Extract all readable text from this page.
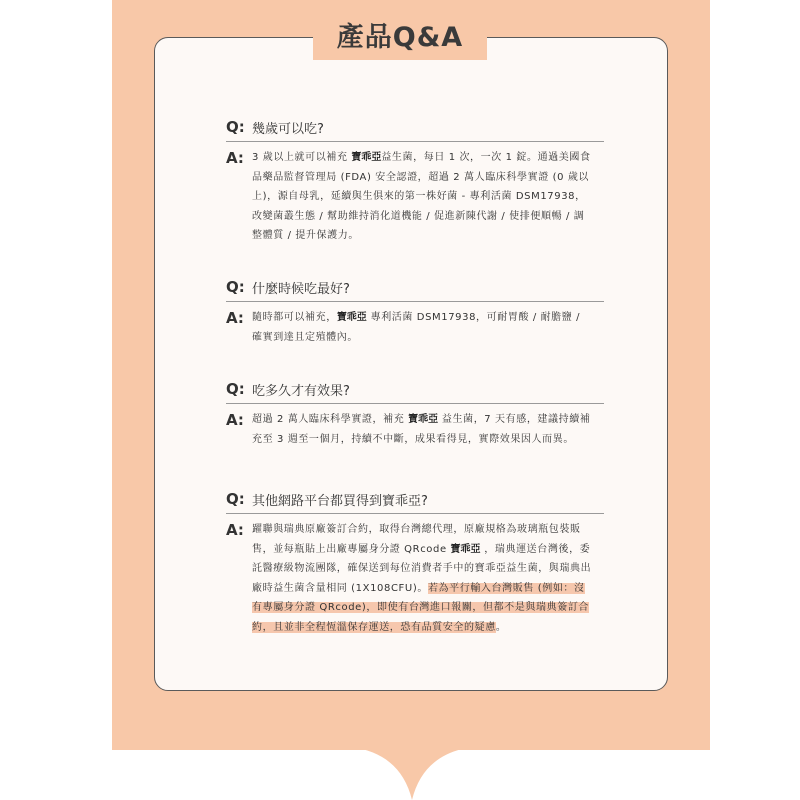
產品Q&A
Q: 幾歲可以吃?
A: 3 歲以上就可以補充 寶乖亞益生菌，每日 1 次，一次 1 錠。通過美國食品藥品監督管理局 (FDA) 安全認證，超過 2 萬人臨床科學實證 (0 歲以上)，源自母乳，延續與生俱來的第一株好菌 - 專利活菌 DSM17938，改變菌叢生態 / 幫助維持消化道機能 / 促進新陳代謝 / 使排便順暢 / 調整體質 / 提升保護力。
Q: 什麼時候吃最好?
A: 隨時都可以補充，寶乖亞 專利活菌 DSM17938，可耐胃酸 / 耐膽鹽 / 確實到達且定殖體內。
Q: 吃多久才有效果?
A: 超過 2 萬人臨床科學實證，補充 寶乖亞 益生菌，7 天有感，建議持續補充至 3 週至一個月，持續不中斷，成果看得見，實際效果因人而異。
Q: 其他網路平台都買得到寶乖亞?
A: 躍聯與瑞典原廠簽訂合約，取得台灣總代理，原廠規格為玻璃瓶包裝販售，並每瓶貼上出廠專屬身分證 QRcode 寶乖亞 ，瑞典運送台灣後，委託醫療級物流團隊，確保送到每位消費者手中的寶乖亞益生菌，與瑞典出廠時益生菌含量相同 (1X108CFU)。若為平行輸入台灣販售 (例如：沒有專屬身分證 QRcode)，即使有台灣進口報關，但都不是與瑞典簽訂合約，且並非全程恆溫保存運送，恐有品質安全的疑慮。
